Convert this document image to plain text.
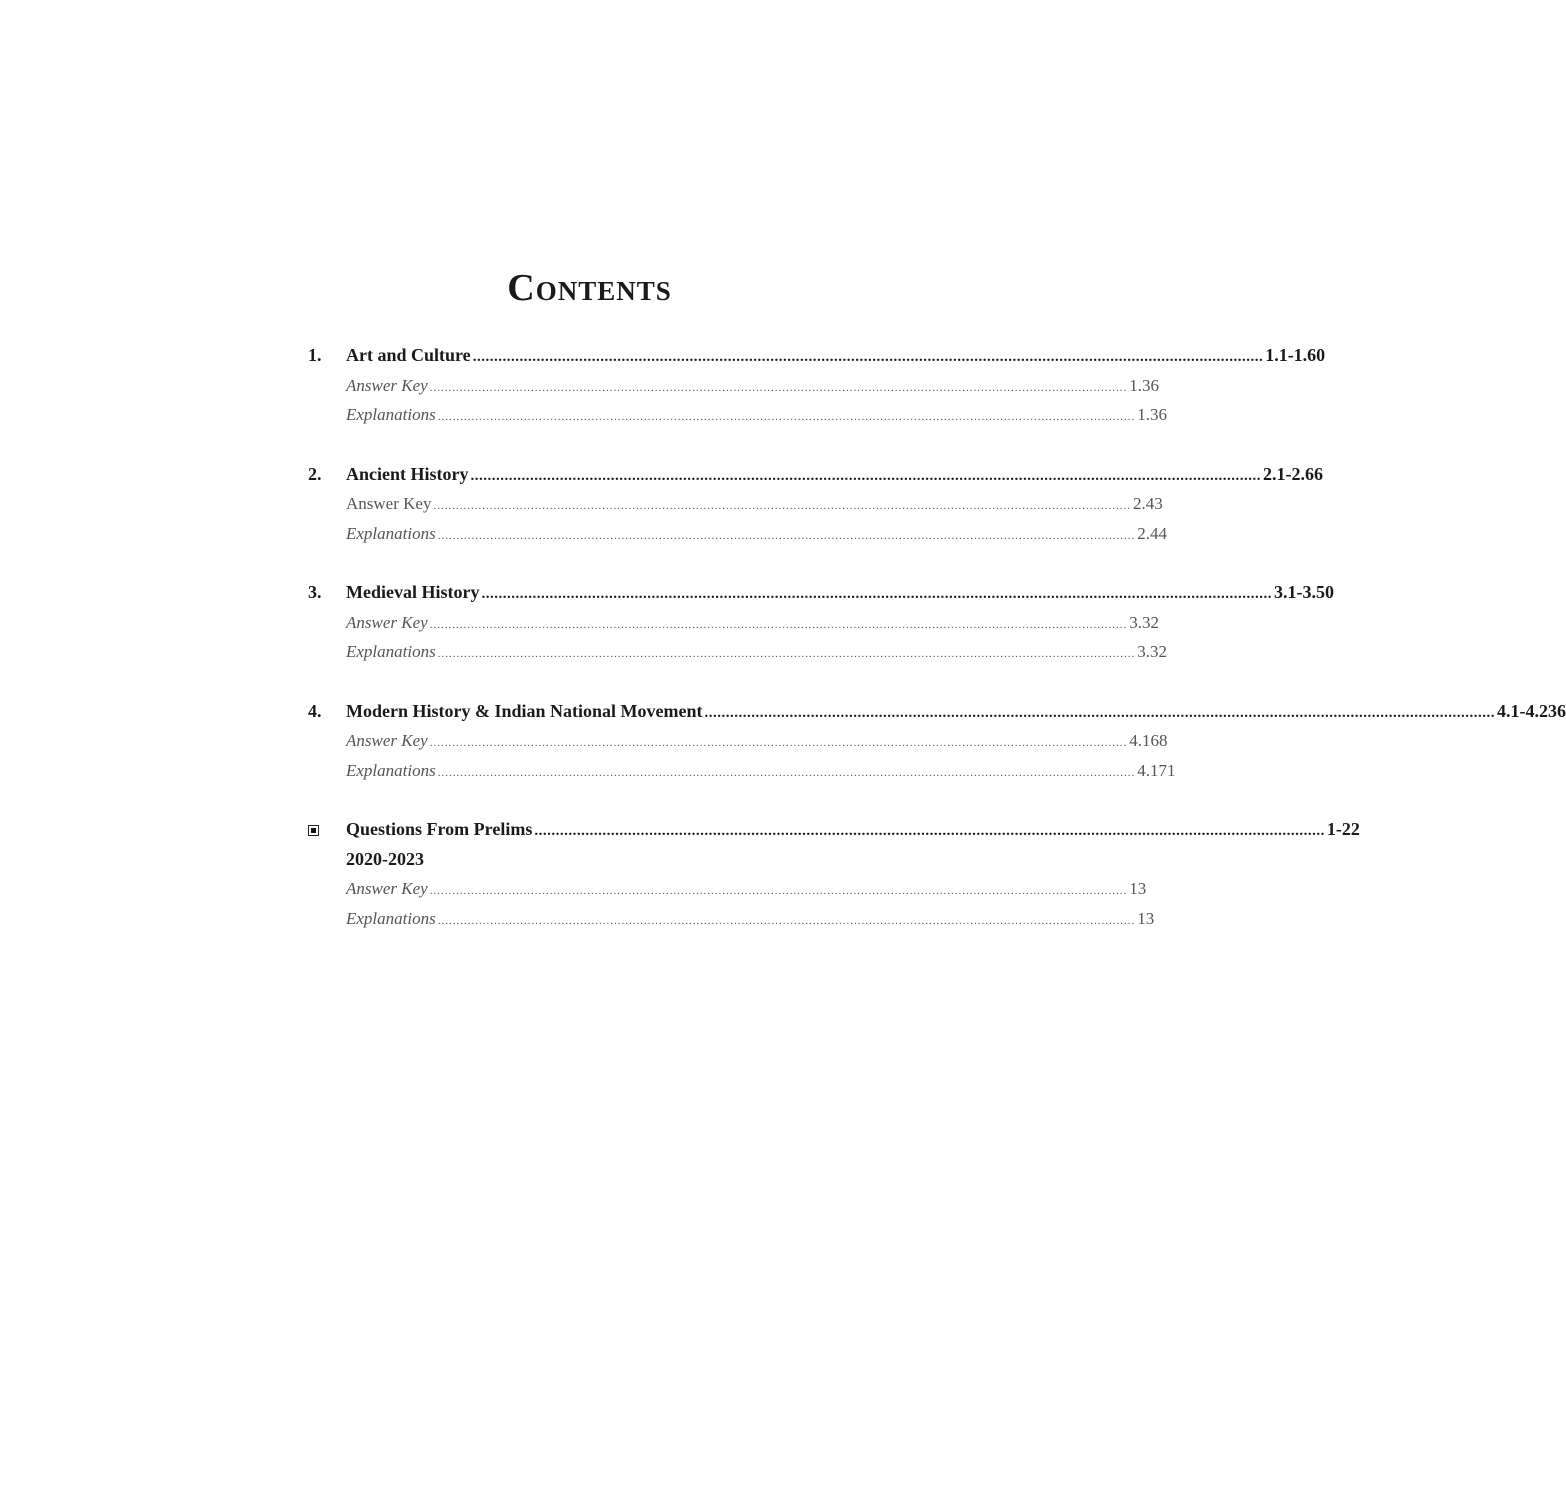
Contents
1. Art and Culture .......................................................................................................................................................................................... 1.1-1.60
Answer Key .......................................................................................................................................................................................... 1.36
Explanations .......................................................................................................................................................................................... 1.36
2. Ancient History .......................................................................................................................................................................................... 2.1-2.66
Answer Key .......................................................................................................................................................................................... 2.43
Explanations .......................................................................................................................................................................................... 2.44
3. Medieval History .......................................................................................................................................................................................... 3.1-3.50
Answer Key .......................................................................................................................................................................................... 3.32
Explanations .......................................................................................................................................................................................... 3.32
4. Modern History & Indian National Movement .......................................................................................................................................................................................... 4.1-4.236
Answer Key .......................................................................................................................................................................................... 4.168
Explanations .......................................................................................................................................................................................... 4.171
Questions From Prelims .......................................................................................................................................................................................... 1-22
2020-2023
Answer Key .......................................................................................................................................................................................... 13
Explanations .......................................................................................................................................................................................... 13
